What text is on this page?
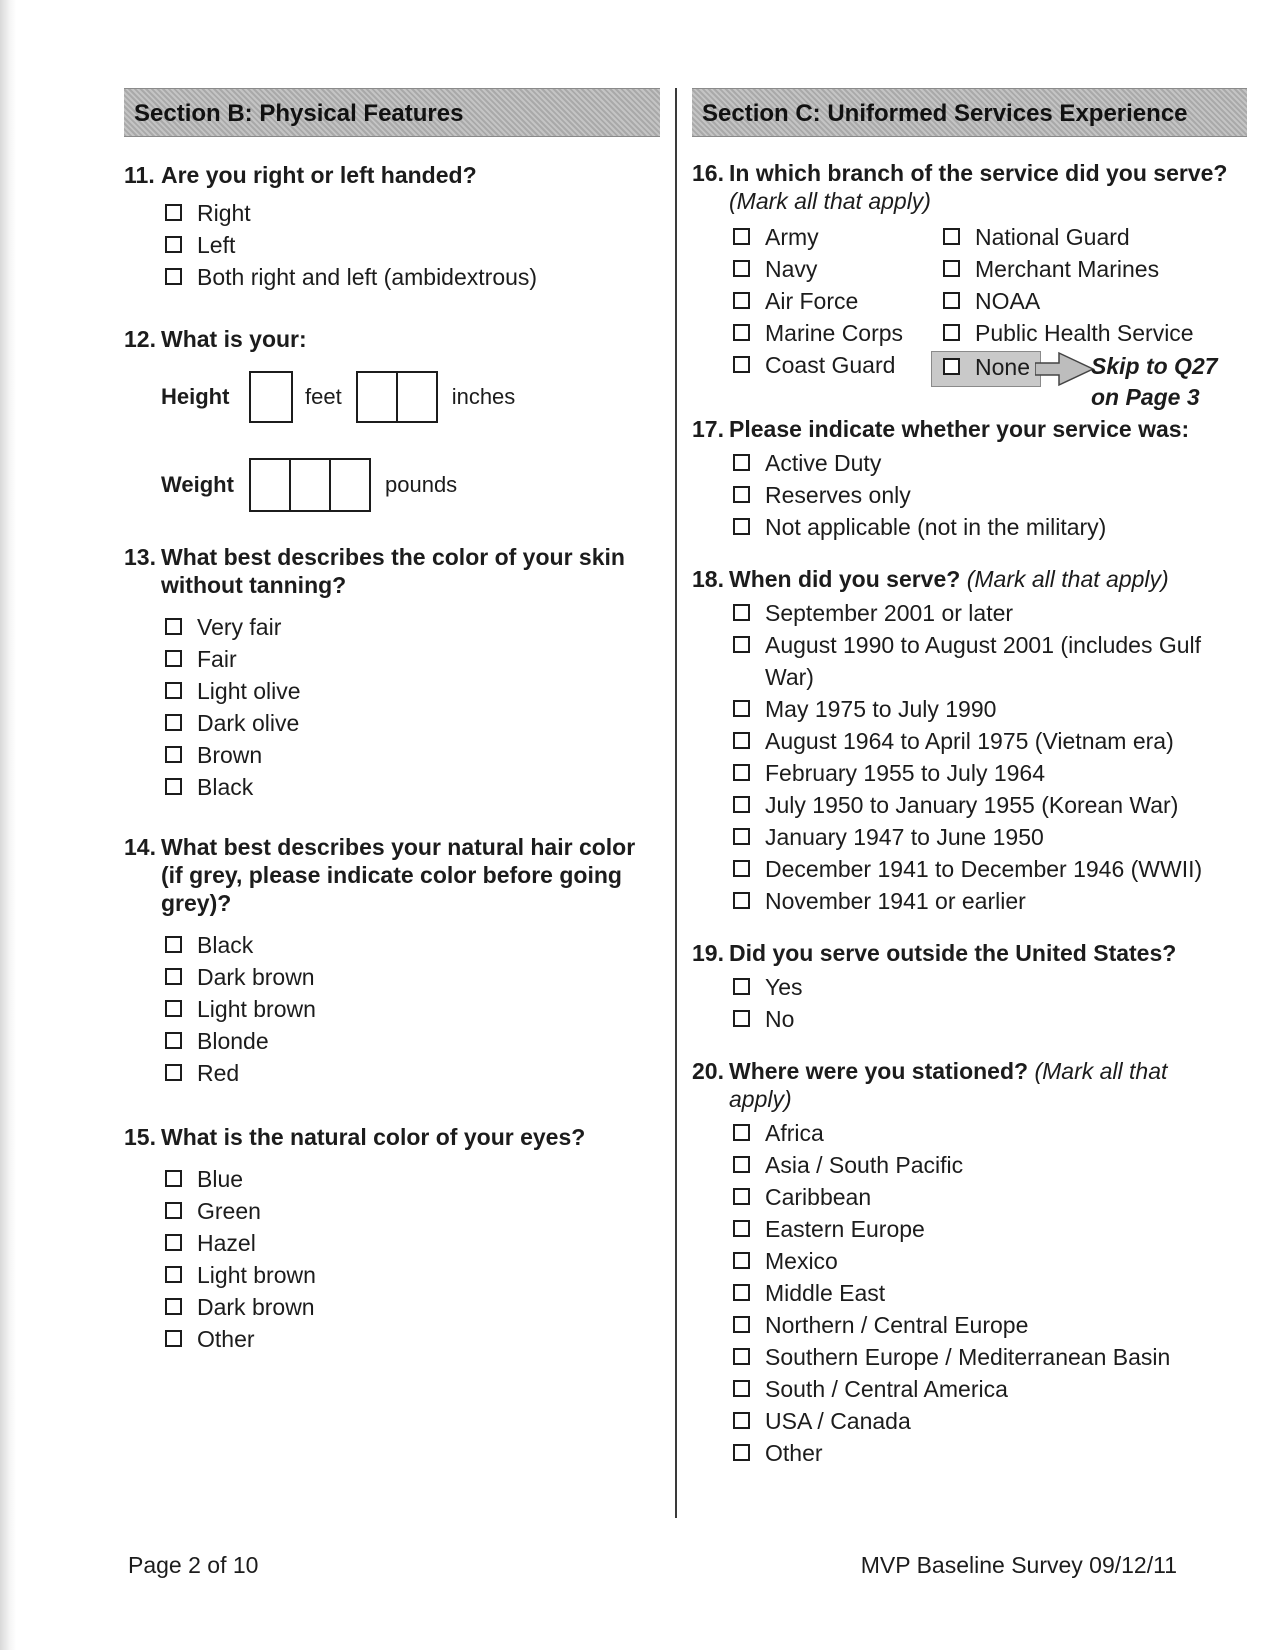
Section B: Physical Features
11. Are you right or left handed?
Right
Left
Both right and left (ambidextrous)
12. What is your:
Height	feet	inches
Weight	pounds
13. What best describes the color of your skin without tanning?
Very fair
Fair
Light olive
Dark olive
Brown
Black
14. What best describes your natural hair color (if grey, please indicate color before going grey)?
Black
Dark brown
Light brown
Blonde
Red
15. What is the natural color of your eyes?
Blue
Green
Hazel
Light brown
Dark brown
Other
Section C: Uniformed Services Experience
16. In which branch of the service did you serve? (Mark all that apply)
Army
Navy
Air Force
Marine Corps
Coast Guard
National Guard
Merchant Marines
NOAA
Public Health Service
None	Skip to Q27
on Page 3
17. Please indicate whether your service was:
Active Duty
Reserves only
Not applicable (not in the military)
18. When did you serve? (Mark all that apply)
September 2001 or later
August 1990 to August 2001 (includes Gulf War)
May 1975 to July 1990
August 1964 to April 1975 (Vietnam era)
February 1955 to July 1964
July 1950 to January 1955 (Korean War)
January 1947 to June 1950
December 1941 to December 1946 (WWII)
November 1941 or earlier
19. Did you serve outside the United States?
Yes
No
20. Where were you stationed? (Mark all that apply)
Africa
Asia / South Pacific
Caribbean
Eastern Europe
Mexico
Middle East
Northern / Central Europe
Southern Europe / Mediterranean Basin
South / Central America
USA / Canada
Other
Page 2 of 10	MVP Baseline Survey 09/12/11
